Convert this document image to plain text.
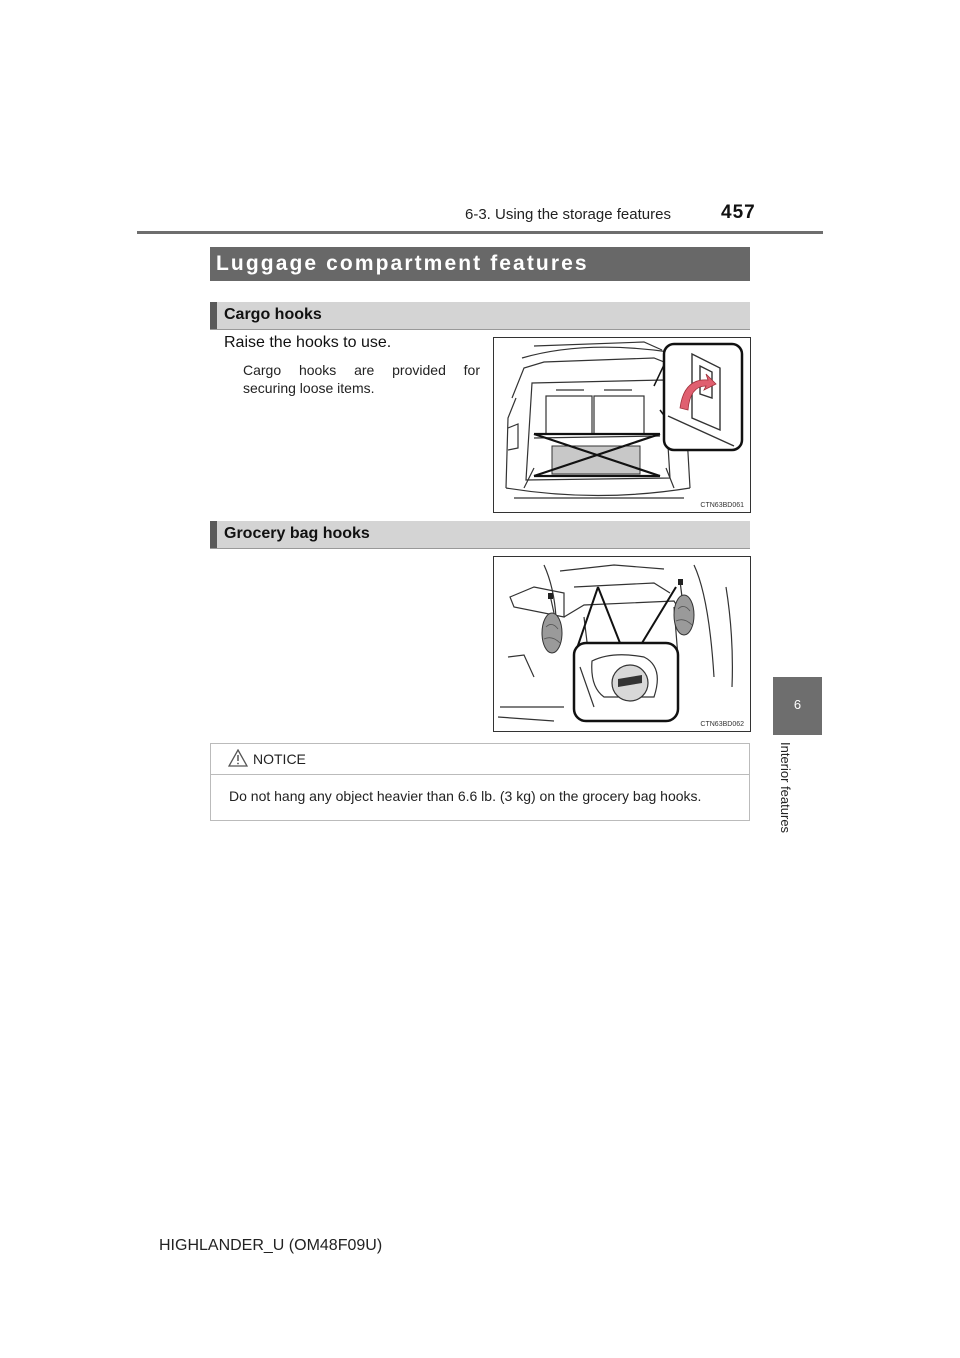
6-3. Using the storage features	457
Luggage compartment features
Cargo hooks
Raise the hooks to use.
Cargo hooks are provided for securing loose items.
CTN63BD061
Grocery bag hooks
CTN63BD062
NOTICE
Do not hang any object heavier than 6.6 lb. (3 kg) on the grocery bag hooks.
6
Interior features
HIGHLANDER_U (OM48F09U)
